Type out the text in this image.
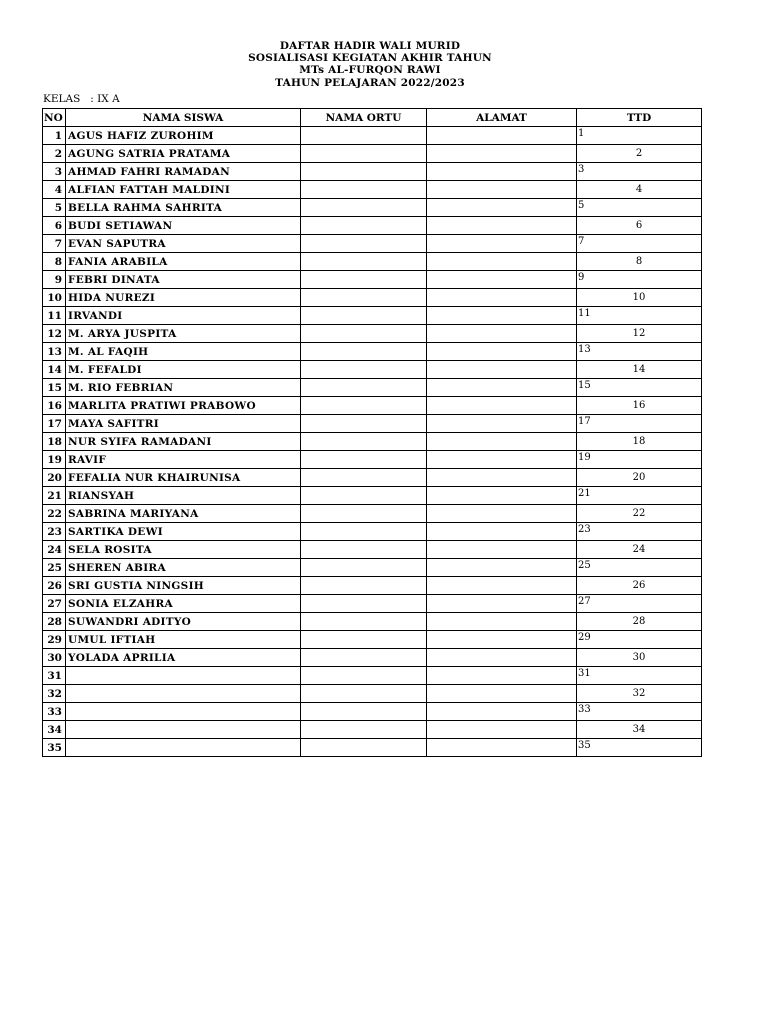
DAFTAR HADIR WALI MURID
SOSIALISASI KEGIATAN AKHIR TAHUN
MTs AL-FURQON RAWI
TAHUN PELAJARAN 2022/2023
KELAS   : IX A
NO	NAMA SISWA	NAMA ORTU	ALAMAT	TTD
1	AGUS HAFIZ ZUROHIM			1
2	AGUNG SATRIA PRATAMA			2
3	AHMAD FAHRI RAMADAN			3
4	ALFIAN FATTAH MALDINI			4
5	BELLA RAHMA SAHRITA			5
6	BUDI SETIAWAN			6
7	EVAN SAPUTRA			7
8	FANIA ARABILA			8
9	FEBRI DINATA			9
10	HIDA NUREZI			10
11	IRVANDI			11
12	M. ARYA JUSPITA			12
13	M. AL FAQIH			13
14	M. FEFALDI			14
15	M. RIO FEBRIAN			15
16	MARLITA PRATIWI PRABOWO			16
17	MAYA SAFITRI			17
18	NUR SYIFA RAMADANI			18
19	RAVIF			19
20	FEFALIA NUR KHAIRUNISA			20
21	RIANSYAH			21
22	SABRINA MARIYANA			22
23	SARTIKA DEWI			23
24	SELA ROSITA			24
25	SHEREN ABIRA			25
26	SRI GUSTIA NINGSIH			26
27	SONIA ELZAHRA			27
28	SUWANDRI ADITYO			28
29	UMUL IFTIAH			29
30	YOLADA APRILIA			30
31				31
32				32
33				33
34				34
35				35
